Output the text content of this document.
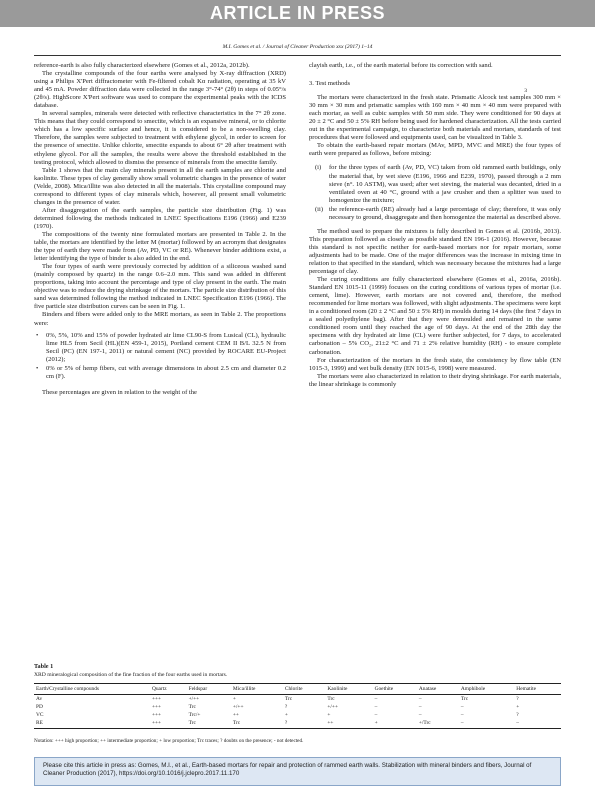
ARTICLE IN PRESS
M.I. Gomes et al. / Journal of Cleaner Production xxx (2017) 1–14
3

reference-earth is also fully characterized elsewhere (Gomes et al., 2012a, 2012b).

The crystalline compounds of the four earths were analysed by X-ray diffraction (XRD) using a Philips X'Pert diffractometer with Fe-filtered cobalt Kα radiation, operating at 35 kV and 45 mA. Powder diffraction data were collected in the range 3°-74° (2θ) in steps of 0.05°/s (2θ/s). HighScore X'Pert software was used to compare the experimental peaks with the ICDS database.

In several samples, minerals were detected with reflective characteristics in the 7° 2θ zone. This means that they could correspond to smectite, which is an expansive mineral, or to chlorite which has a low specific surface and hence, it is considered to be a non-swelling clay. Therefore, the samples were subjected to treatment with ethylene glycol, in order to screen for the presence of smectite. Unlike chlorite, smectite expands to about 6° 2θ after treatment with ethylene glycol. For all the samples, the results were above the threshold established in the testing protocol, which allowed to dismiss the presence of minerals from the smectite family.

Table 1 shows that the main clay minerals present in all the earth samples are chlorite and kaolinite. These types of clay generally show small volumetric changes in the presence of water (Velde, 2008). Mica/illite was also detected in all the materials. This crystalline compound may correspond to different types of clay minerals which, however, all present small volumetric changes in the presence of water.

After disaggregation of the earth samples, the particle size distribution (Fig. 1) was determined following the methods indicated in LNEC Specifications E196 (1966) and E239 (1970).

The compositions of the twenty nine formulated mortars are presented in Table 2. In the table, the mortars are identified by the letter M (mortar) followed by an acronym that designates the type of earth they were made from (Av, PD, VC or RE). Whenever binder additions exist, a letter identifying the type of binder is also added in the end.

The four types of earth were previously corrected by addition of a siliceous washed sand (mainly composed by quartz) in the range 0.6–2.0 mm. This sand was added in different proportions, taking into account the percentage and type of clay present in the earth. The main objective was to reduce the drying shrinkage of the mortars. The particle size distribution of this sand was determined following the method indicated in LNEC Specification E196 (1966). The five particle size distribution curves can be seen in Fig. 1.

Binders and fibers were added only to the MRE mortars, as seen in Table 2. The proportions were:

• 0%, 5%, 10% and 15% of powder hydrated air lime CL90-S from Lusical (CL), hydraulic lime HL5 from Secil (HL)(EN 459-1, 2015), Portland cement CEM II B/L 32.5 N from Secil (PC) (EN 197-1, 2011) or natural cement (NC) provided by ROCARE EU-Project (2012);
• 0% or 5% of hemp fibers, cut with average dimensions in about 2.5 cm and diameter 0.2 cm (F).

These percentages are given in relation to the weight of the

clayish earth, i.e., of the earth material before its correction with sand.

3. Test methods

The mortars were characterized in the fresh state. Prismatic Alcock test samples 300 mm × 30 mm × 30 mm and prismatic samples with 160 mm × 40 mm × 40 mm were prepared with each mortar, as well as cubic samples with 50 mm side. They were conditioned for 90 days at 20 ± 2 °C and 50 ± 5% RH before being used for hardened characterization. All the tests carried out in the experimental campaign, to characterize both materials and mortars, standards of test procedures that were followed and equipments used, can be visualized in Table 3.

To obtain the earth-based repair mortars (MAv, MPD, MVC and MRE) the four types of earth were prepared as follows, before mixing:

(i) for the three types of earth (Av, PD, VC) taken from old rammed earth buildings, only the material that, by wet sieve (E196, 1966 and E239, 1970), passed through a 2 mm sieve (n°. 10 ASTM), was used; after wet sieving, the material was decanted, dried in a ventilated oven at 40 °C, ground with a jaw crusher and then a splitter was used to homogenize the mixture;
(ii) the reference-earth (RE) already had a large percentage of clay; therefore, it was only necessary to ground, disaggregate and then homogenize the material as described above.

The method used to prepare the mixtures is fully described in Gomes et al. (2016b, 2013). This preparation followed as closely as possible standard EN 196-1 (2016). However, because this standard is not specific neither for earth-based mortars nor for repair mortars, some adjustments had to be made. One of the major differences was the increase in mixing time in relation to that specified in the standard, which was necessary because the mixtures had a large percentage of clay.

The curing conditions are fully characterized elsewhere (Gomes et al., 2016a, 2016b). Standard EN 1015-11 (1999) focuses on the curing conditions of various types of mortar (i.e. cement, lime). However, earth mortars are not covered and, therefore, the method recommended for lime mortars was followed, with slight adjustments. The specimens were kept in a conditioned room (20 ± 2 °C and 50 ± 5% RH) in moulds during 14 days (the first 7 days in a sealed polyethylene bag). After that they were demoulded and remained in the same conditioned room until they reached the age of 90 days. At the end of the 28th day the specimens with dry hydrated air lime (CL) were further subjected, for 7 days, to accelerated carbonation – 5% CO₂, 21±2 °C and 71 ± 2% relative humidity (RH) - to ensure complete carbonation.

For characterization of the mortars in the fresh state, the consistency by flow table (EN 1015-3, 1999) and wet bulk density (EN 1015-6, 1998) were measured.

The mortars were also characterized in relation to their drying shrinkage. For earth materials, the linear shrinkage is commonly

Table 1
XRD mineralogical composition of the fine fraction of the four earths used in mortars.
Earth/Crystalline compounds	Quartz	Feldspar	Mica/illite	Chlorite	Kaolinite	Goethite	Anatase	Amphibole	Hematite
Av	+++	+/++	+	Trc	Trc	–	–	Trc	?
PD	+++	Trc	+/++	?	+/++	–	–	–	+
VC	+++	Trc/+	++	+	+	–	–	–	?
RE	+++	Trc	Trc	?	++	+	+/Trc	–	–
Notation: +++ high proportion; ++ intermediate proportion; + low proportion; Trc traces; ? doubts on the presence; - not detected.
Please cite this article in press as: Gomes, M.I., et al., Earth-based mortars for repair and protection of rammed earth walls. Stabilization with mineral binders and fibers, Journal of Cleaner Production (2017), https://doi.org/10.1016/j.jclepro.2017.11.170
